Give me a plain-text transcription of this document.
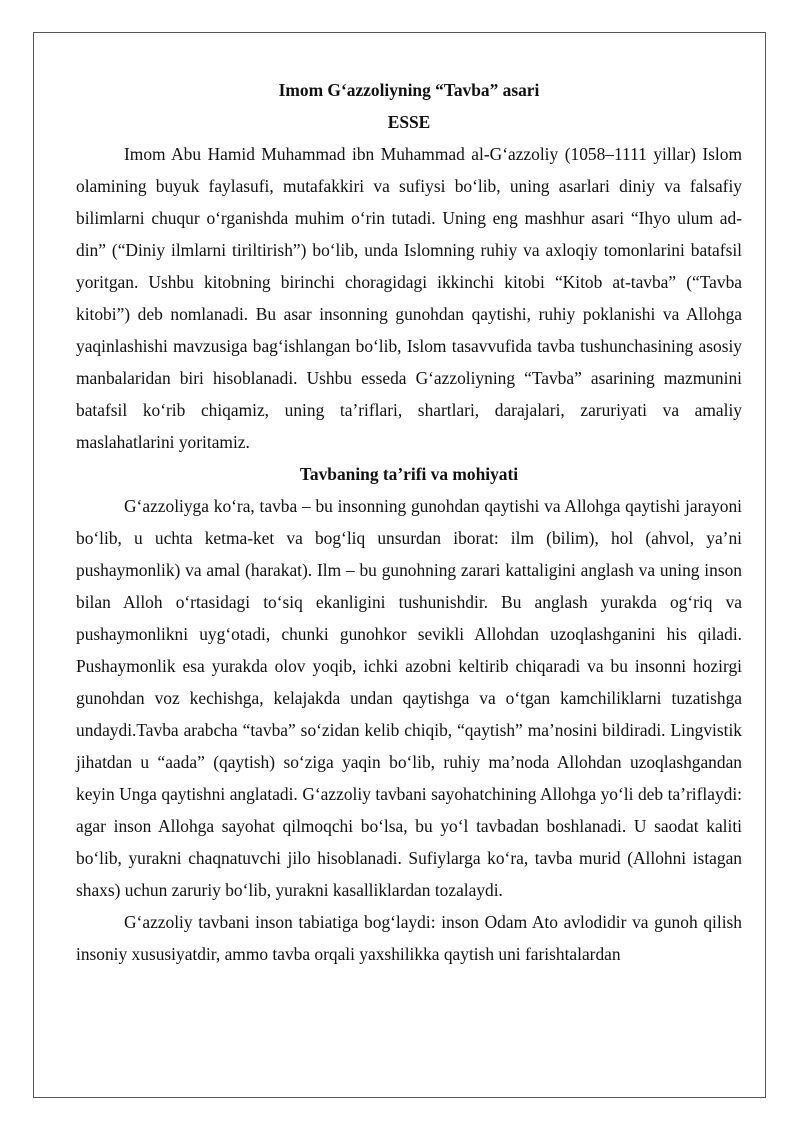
Imom G‘azzoliyning “Tavba” asari

ESSE

Imom Abu Hamid Muhammad ibn Muhammad al-G‘azzoliy (1058–1111 yillar) Islom olamining buyuk faylasufi, mutafakkiri va sufiysi bo‘lib, uning asarlari diniy va falsafiy bilimlarni chuqur o‘rganishda muhim o‘rin tutadi. Uning eng mashhur asari “Ihyo ulum ad-din” (“Diniy ilmlarni tiriltirish”) bo‘lib, unda Islomning ruhiy va axloqiy tomonlarini batafsil yoritgan. Ushbu kitobning birinchi choragidagi ikkinchi kitobi “Kitob at-tavba” (“Tavba kitobi”) deb nomlanadi. Bu asar insonning gunohdan qaytishi, ruhiy poklanishi va Allohga yaqinlashishi mavzusiga bag‘ishlangan bo‘lib, Islom tasavvufida tavba tushunchasining asosiy manbalaridan biri hisoblanadi. Ushbu esseda G‘azzoliyning “Tavba” asarining mazmunini batafsil ko‘rib chiqamiz, uning ta’riflari, shartlari, darajalari, zaruriyati va amaliy maslahatlarini yoritamiz.

Tavbaning ta’rifi va mohiyati

G‘azzoliyga ko‘ra, tavba – bu insonning gunohdan qaytishi va Allohga qaytishi jarayoni bo‘lib, u uchta ketma-ket va bog‘liq unsurdan iborat: ilm (bilim), hol (ahvol, ya’ni pushaymonlik) va amal (harakat). Ilm – bu gunohning zarari kattaligini anglash va uning inson bilan Alloh o‘rtasidagi to‘siq ekanligini tushunishdir. Bu anglash yurakda og‘riq va pushaymonlikni uyg‘otadi, chunki gunohkor sevikli Allohdan uzoqlashganini his qiladi. Pushaymonlik esa yurakda olov yoqib, ichki azobni keltirib chiqaradi va bu insonni hozirgi gunohdan voz kechishga, kelajakda undan qaytishga va o‘tgan kamchiliklarni tuzatishga undaydi.Tavba arabcha “tavba” so‘zidan kelib chiqib, “qaytish” ma’nosini bildiradi. Lingvistik jihatdan u “aada” (qaytish) so‘ziga yaqin bo‘lib, ruhiy ma’noda Allohdan uzoqlashgandan keyin Unga qaytishni anglatadi. G‘azzoliy tavbani sayohatchining Allohga yo‘li deb ta’riflaydi: agar inson Allohga sayohat qilmoqchi bo‘lsa, bu yo‘l tavbadan boshlanadi. U saodat kaliti bo‘lib, yurakni chaqnatuvchi jilo hisoblanadi. Sufiylarga ko‘ra, tavba murid (Allohni istagan shaxs) uchun zaruriy bo‘lib, yurakni kasalliklardan tozalaydi.

G‘azzoliy tavbani inson tabiatiga bog‘laydi: inson Odam Ato avlodidir va gunoh qilish insoniy xususiyatdir, ammo tavba orqali yaxshilikka qaytish uni farishtalardan
